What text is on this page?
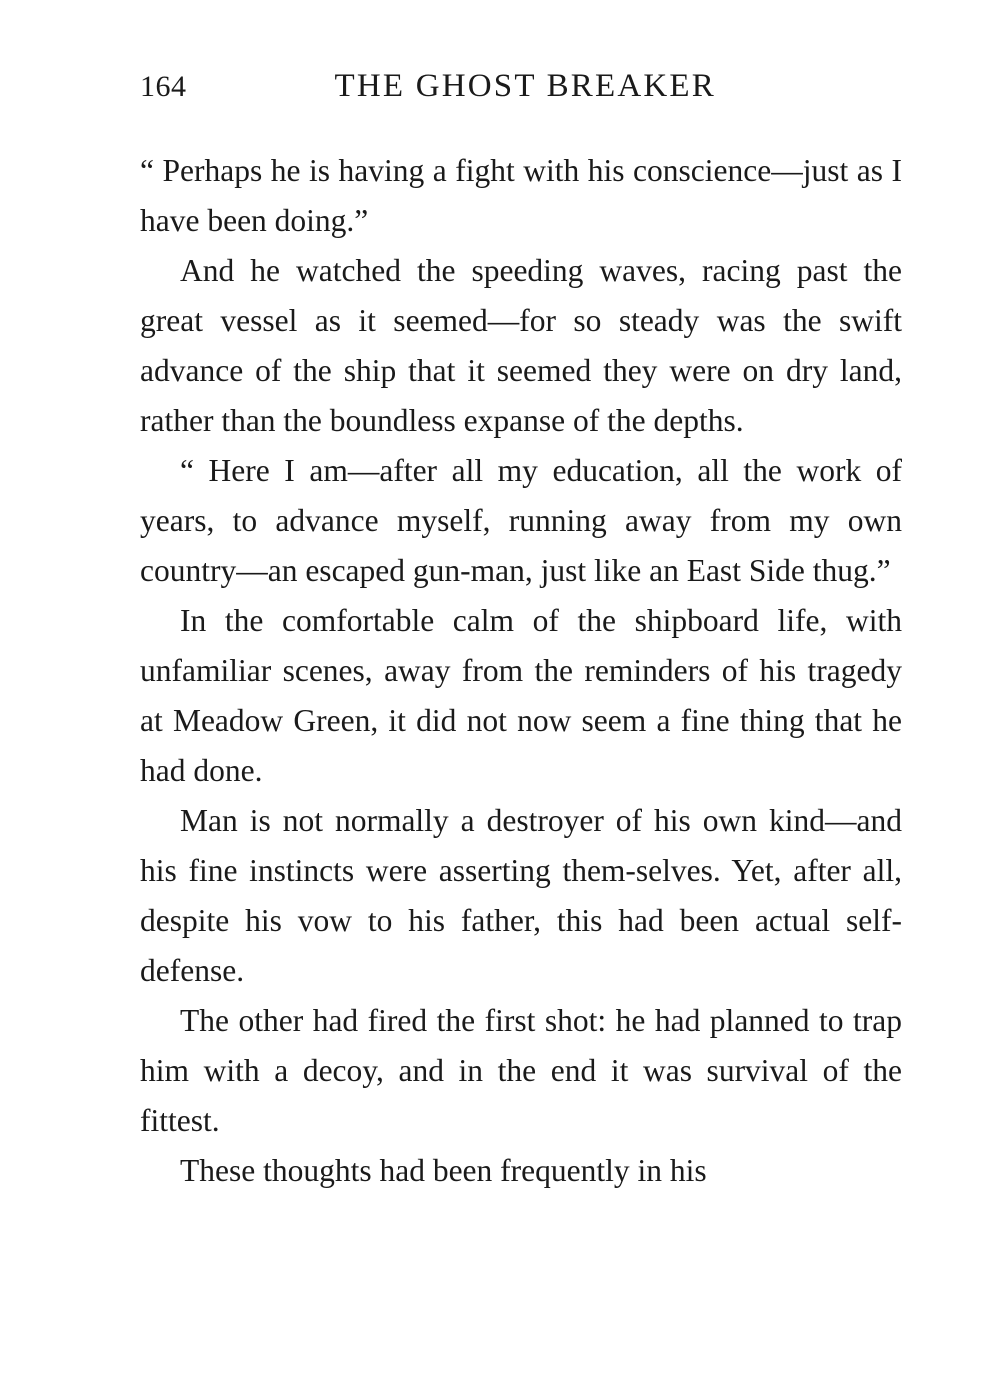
164	THE GHOST BREAKER

“ Perhaps he is having a fight with his conscience—just as I have been doing.”

And he watched the speeding waves, racing past the great vessel as it seemed—for so steady was the swift advance of the ship that it seemed they were on dry land, rather than the boundless expanse of the depths.

“ Here I am—after all my education, all the work of years, to advance myself, running away from my own country—an escaped gun-man, just like an East Side thug.”

In the comfortable calm of the shipboard life, with unfamiliar scenes, away from the reminders of his tragedy at Meadow Green, it did not now seem a fine thing that he had done.

Man is not normally a destroyer of his own kind—and his fine instincts were asserting them-selves. Yet, after all, despite his vow to his father, this had been actual self-defense.

The other had fired the first shot: he had planned to trap him with a decoy, and in the end it was survival of the fittest.

These thoughts had been frequently in his
